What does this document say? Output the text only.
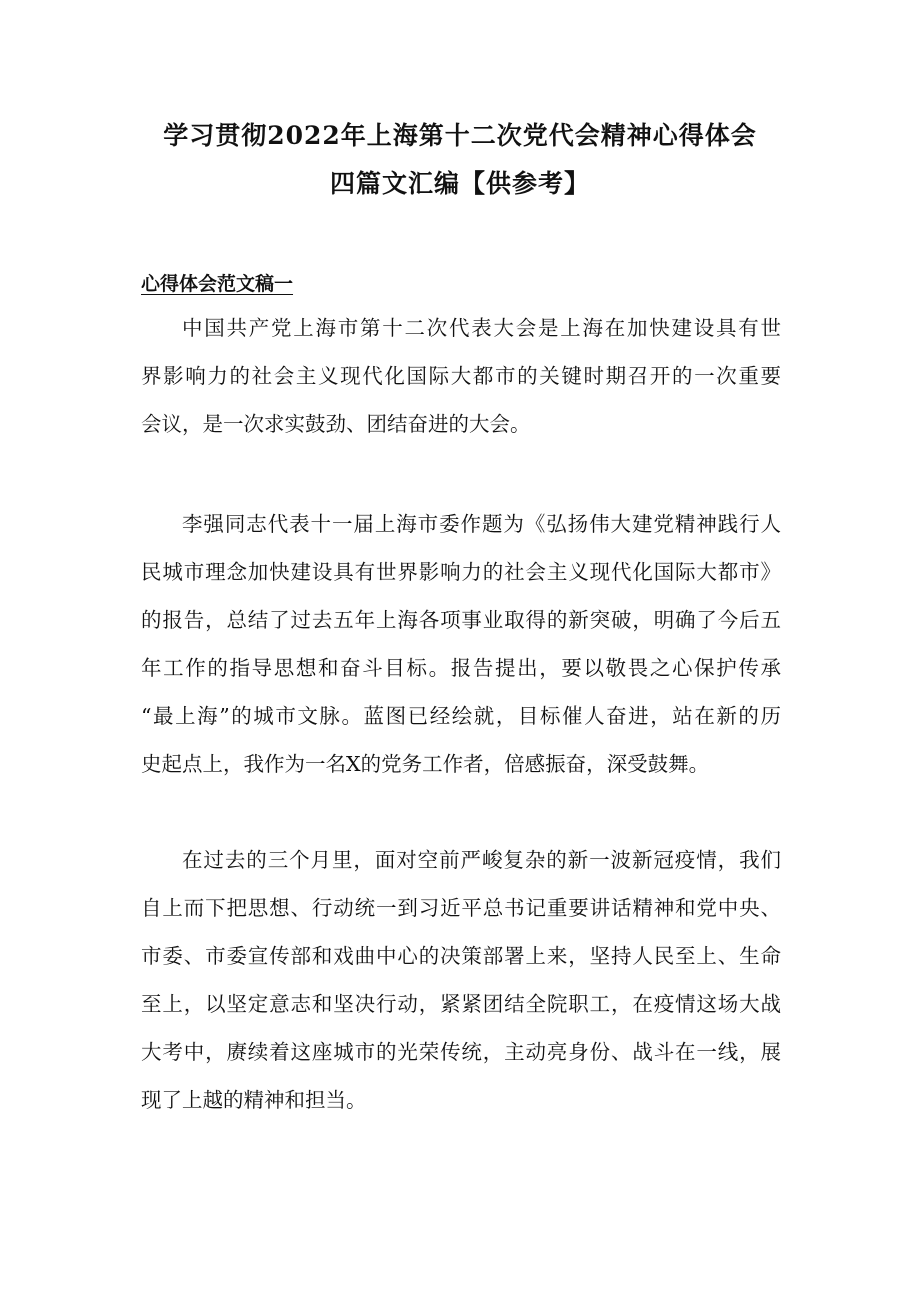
学习贯彻2022年上海第十二次党代会精神心得体会
四篇文汇编【供参考】
心得体会范文稿一
中国共产党上海市第十二次代表大会是上海在加快建设具有世
界影响力的社会主义现代化国际大都市的关键时期召开的一次重要
会议，是一次求实鼓劲、团结奋进的大会。
李强同志代表十一届上海市委作题为《弘扬伟大建党精神践行人
民城市理念加快建设具有世界影响力的社会主义现代化国际大都市》
的报告，总结了过去五年上海各项事业取得的新突破，明确了今后五
年工作的指导思想和奋斗目标。报告提出，要以敬畏之心保护传承
“最上海”的城市文脉。蓝图已经绘就，目标催人奋进，站在新的历
史起点上，我作为一名X的党务工作者，倍感振奋，深受鼓舞。
在过去的三个月里，面对空前严峻复杂的新一波新冠疫情，我们
自上而下把思想、行动统一到习近平总书记重要讲话精神和党中央、
市委、市委宣传部和戏曲中心的决策部署上来，坚持人民至上、生命
至上，以坚定意志和坚决行动，紧紧团结全院职工，在疫情这场大战
大考中，赓续着这座城市的光荣传统，主动亮身份、战斗在一线，展
现了上越的精神和担当。
